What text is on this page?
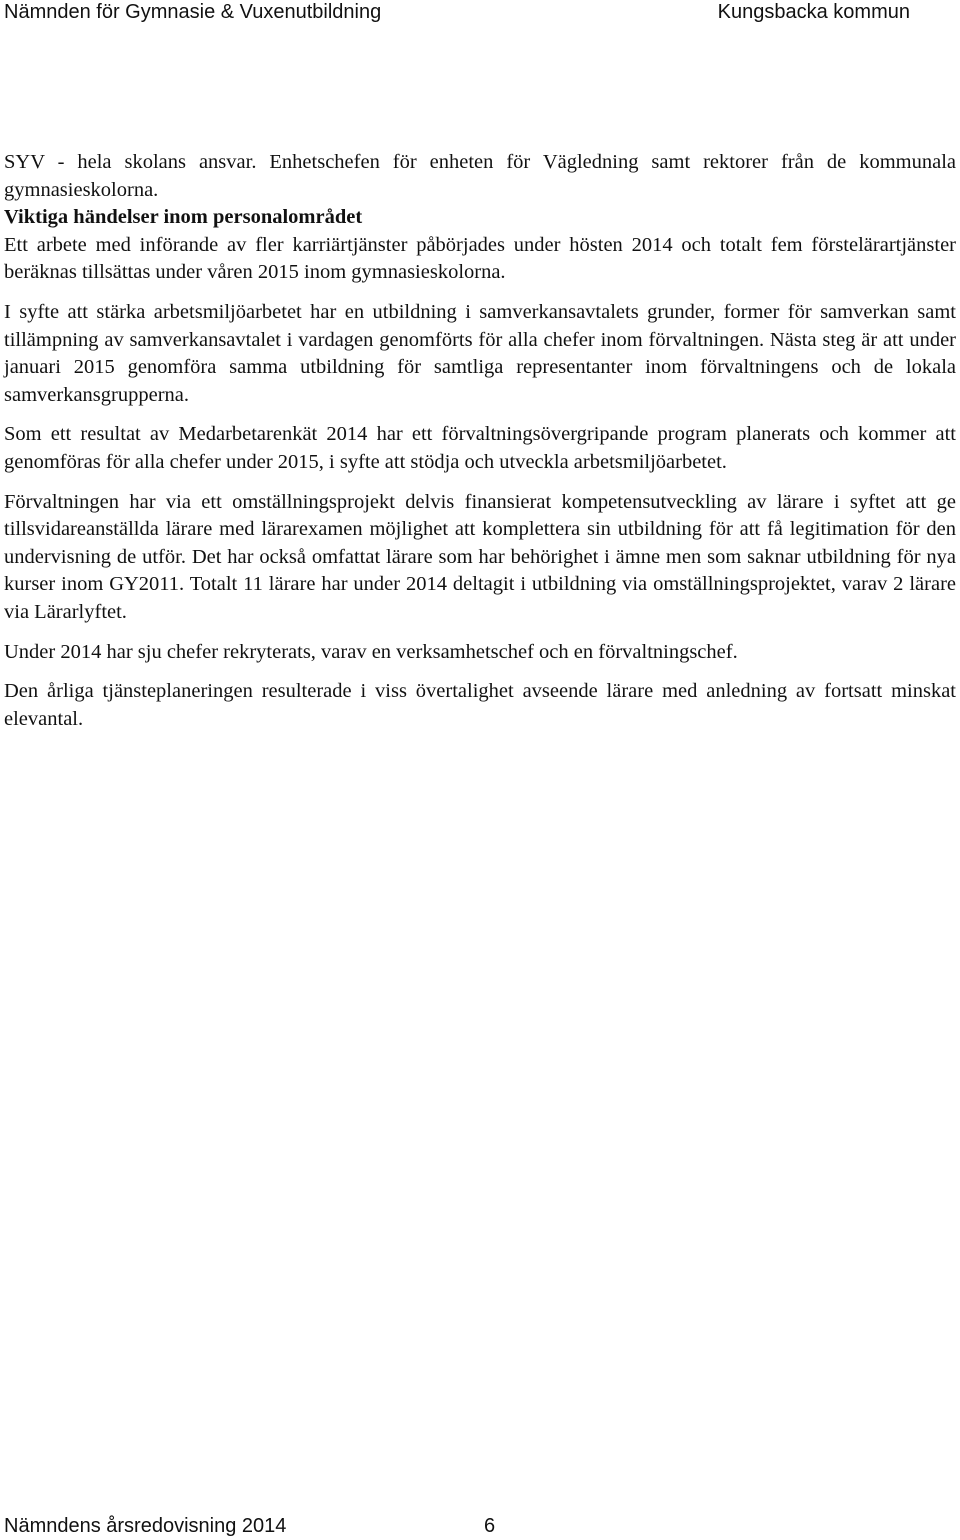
Nämnden för Gymnasie & Vuxenutbildning	Kungsbacka kommun

SYV - hela skolans ansvar. Enhetschefen för enheten för Vägledning samt rektorer från de kommunala gymnasieskolorna.

Viktiga händelser inom personalområdet

Ett arbete med införande av fler karriärtjänster påbörjades under hösten 2014 och totalt fem förstelärartjänster beräknas tillsättas under våren 2015 inom gymnasieskolorna.

I syfte att stärka arbetsmiljöarbetet har en utbildning i samverkansavtalets grunder, former för samverkan samt tillämpning av samverkansavtalet i vardagen genomförts för alla chefer inom förvaltningen. Nästa steg är att under januari 2015 genomföra samma utbildning för samtliga representanter inom förvaltningens och de lokala samverkansgrupperna.

Som ett resultat av Medarbetarenkät 2014 har ett förvaltningsövergripande program planerats och kommer att genomföras för alla chefer under 2015, i syfte att stödja och utveckla arbetsmiljöarbetet.

Förvaltningen har via ett omställningsprojekt delvis finansierat kompetensutveckling av lärare i syftet att ge tillsvidareanställda lärare med lärarexamen möjlighet att komplettera sin utbildning för att få legitimation för den undervisning de utför. Det har också omfattat lärare som har behörighet i ämne men som saknar utbildning för nya kurser inom GY2011. Totalt 11 lärare har under 2014 deltagit i utbildning via omställningsprojektet, varav 2 lärare via Lärarlyftet.

Under 2014 har sju chefer rekryterats, varav en verksamhetschef och en förvaltningschef.

Den årliga tjänsteplaneringen resulterade i viss övertalighet avseende lärare med anledning av fortsatt minskat elevantal.

Nämndens årsredovisning 2014	6
